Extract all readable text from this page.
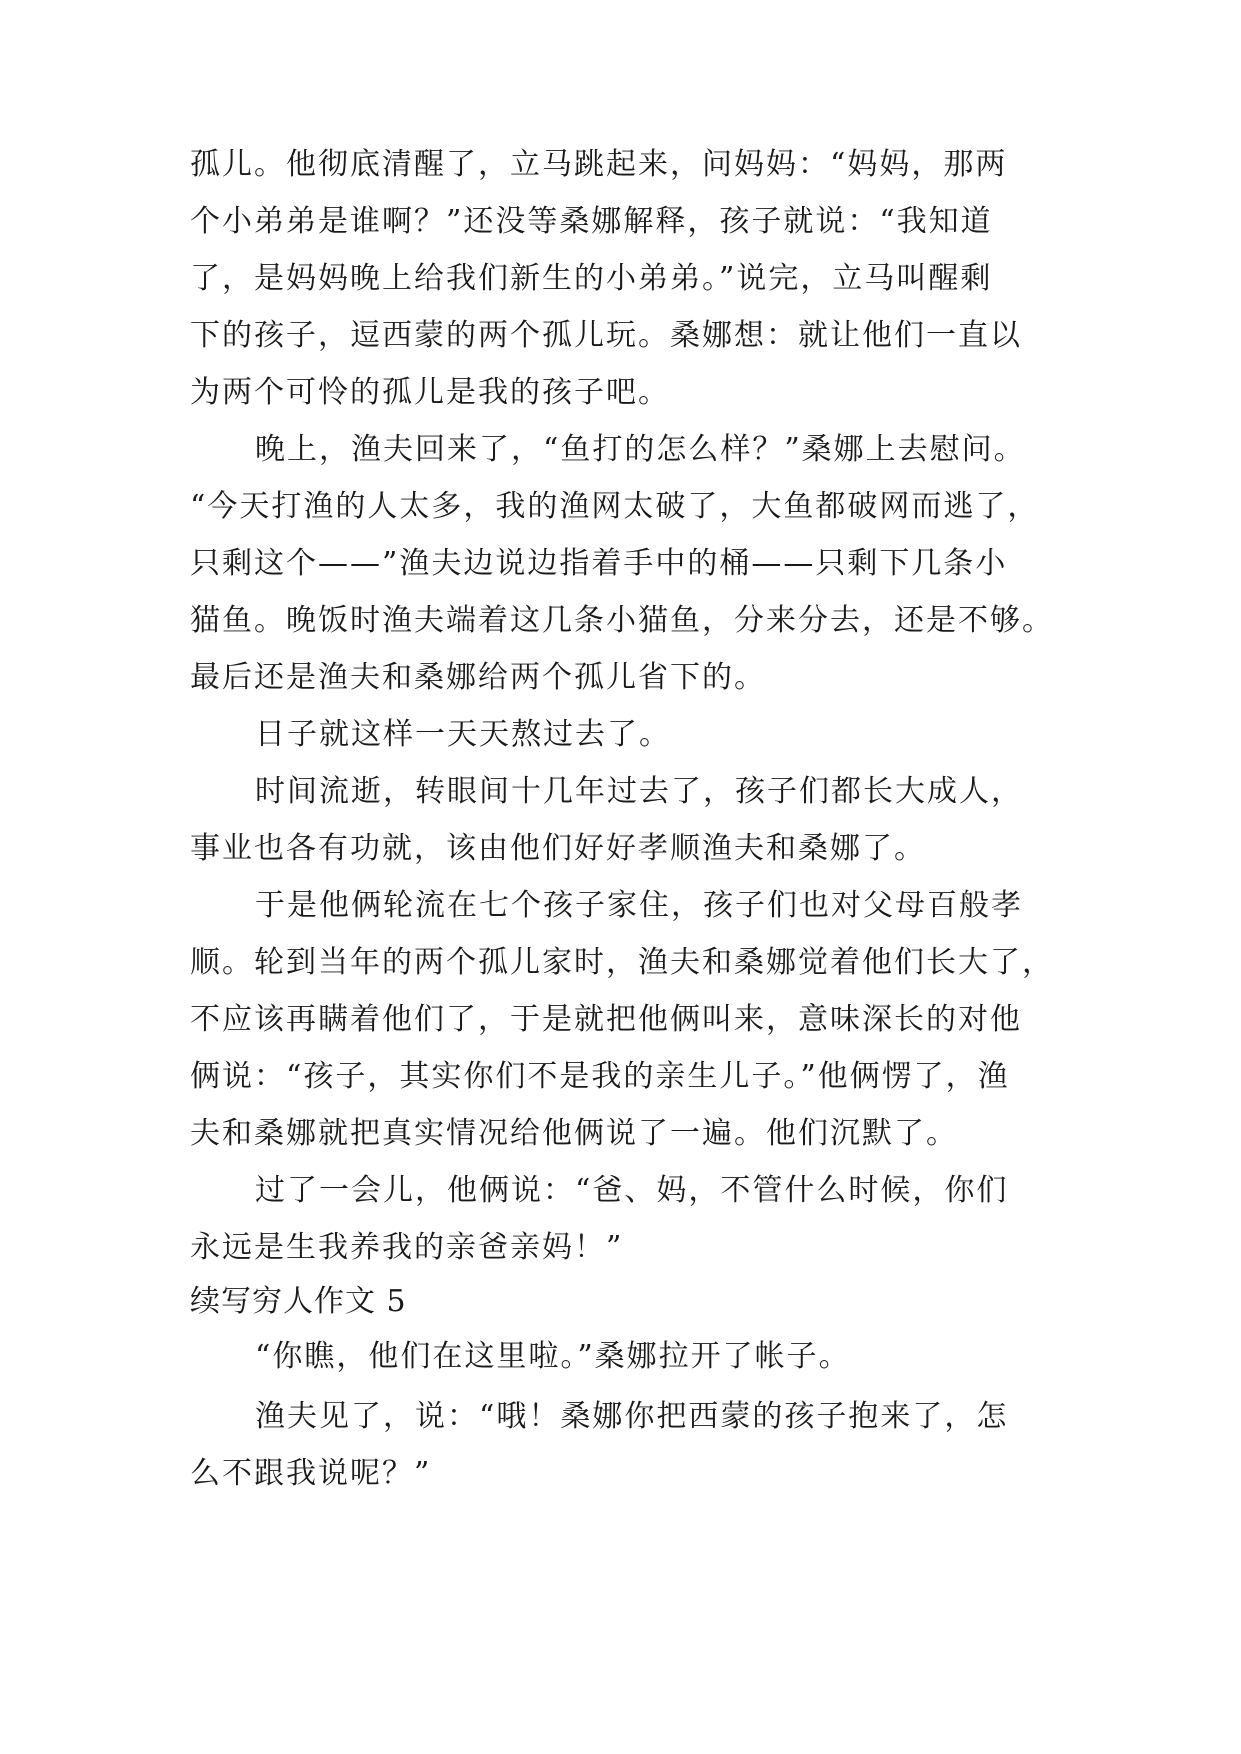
孤儿。他彻底清醒了，立马跳起来，问妈妈：“妈妈，那两
个小弟弟是谁啊？”还没等桑娜解释，孩子就说：“我知道
了，是妈妈晚上给我们新生的小弟弟。”说完，立马叫醒剩
下的孩子，逗西蒙的两个孤儿玩。桑娜想：就让他们一直以
为两个可怜的孤儿是我的孩子吧。
晚上，渔夫回来了，“鱼打的怎么样？”桑娜上去慰问。
“今天打渔的人太多，我的渔网太破了，大鱼都破网而逃了，
只剩这个——”渔夫边说边指着手中的桶——只剩下几条小
猫鱼。晚饭时渔夫端着这几条小猫鱼，分来分去，还是不够。
最后还是渔夫和桑娜给两个孤儿省下的。
日子就这样一天天熬过去了。
时间流逝，转眼间十几年过去了，孩子们都长大成人，
事业也各有功就，该由他们好好孝顺渔夫和桑娜了。
于是他俩轮流在七个孩子家住，孩子们也对父母百般孝
顺。轮到当年的两个孤儿家时，渔夫和桑娜觉着他们长大了，
不应该再瞒着他们了，于是就把他俩叫来，意味深长的对他
俩说：“孩子，其实你们不是我的亲生儿子。”他俩愣了，渔
夫和桑娜就把真实情况给他俩说了一遍。他们沉默了。
过了一会儿，他俩说：“爸、妈，不管什么时候，你们
永远是生我养我的亲爸亲妈！”
续写穷人作文 5
“你瞧，他们在这里啦。”桑娜拉开了帐子。
渔夫见了，说：“哦！桑娜你把西蒙的孩子抱来了，怎
么不跟我说呢？”
